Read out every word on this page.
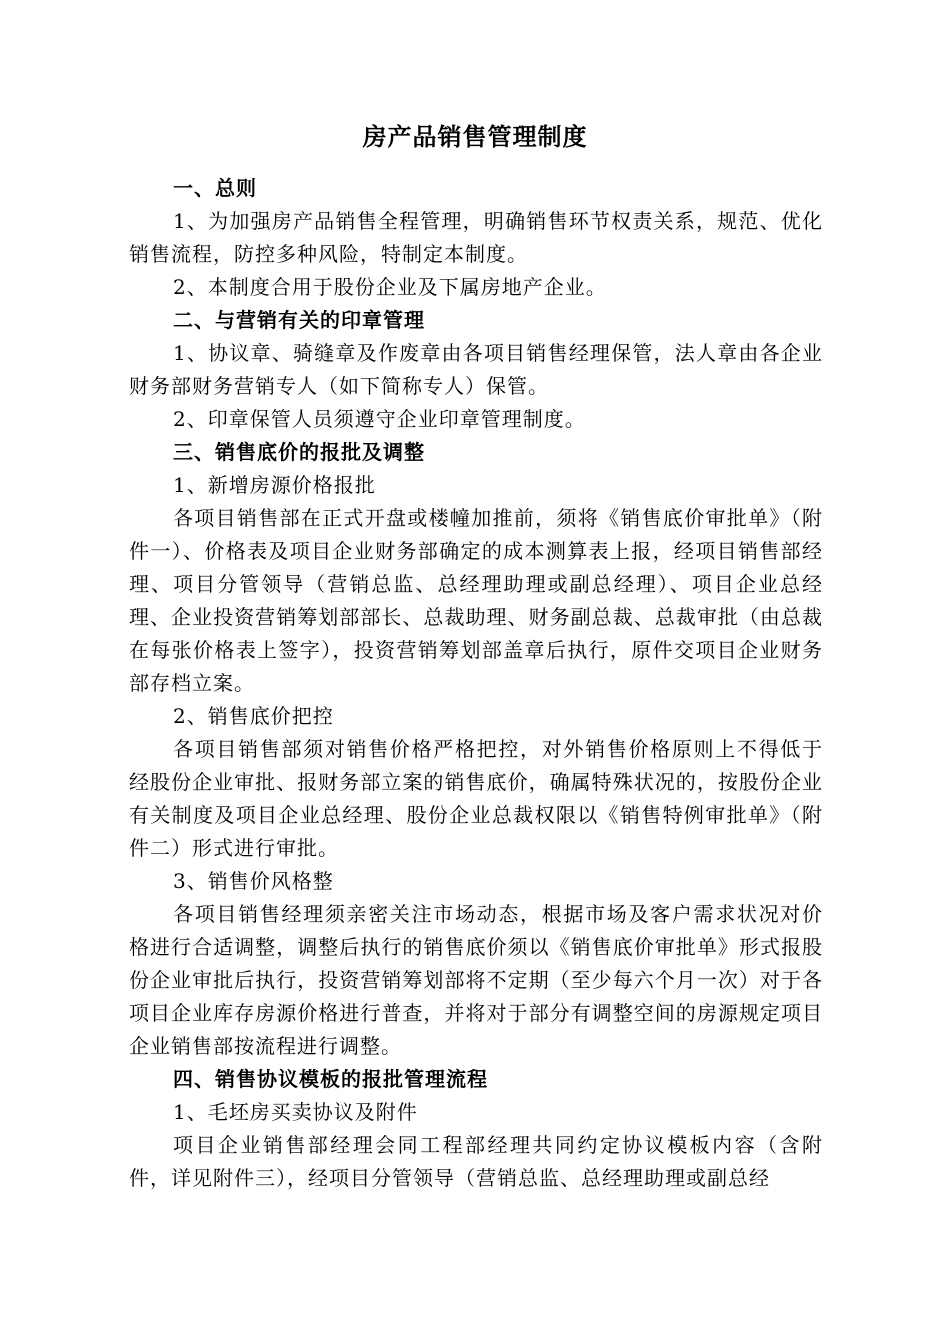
房产品销售管理制度

一、总则

1、为加强房产品销售全程管理，明确销售环节权责关系，规范、优化销售流程，防控多种风险，特制定本制度。

2、本制度合用于股份企业及下属房地产企业。

二、与营销有关的印章管理

1、协议章、骑缝章及作废章由各项目销售经理保管，法人章由各企业财务部财务营销专人（如下简称专人）保管。

2、印章保管人员须遵守企业印章管理制度。

三、销售底价的报批及调整

1、新增房源价格报批

各项目销售部在正式开盘或楼幢加推前，须将《销售底价审批单》（附件一）、价格表及项目企业财务部确定的成本测算表上报，经项目销售部经理、项目分管领导（营销总监、总经理助理或副总经理）、项目企业总经理、企业投资营销筹划部部长、总裁助理、财务副总裁、总裁审批（由总裁在每张价格表上签字），投资营销筹划部盖章后执行，原件交项目企业财务部存档立案。

2、销售底价把控

各项目销售部须对销售价格严格把控，对外销售价格原则上不得低于经股份企业审批、报财务部立案的销售底价，确属特殊状况的，按股份企业有关制度及项目企业总经理、股份企业总裁权限以《销售特例审批单》（附件二）形式进行审批。

3、销售价风格整

各项目销售经理须亲密关注市场动态，根据市场及客户需求状况对价格进行合适调整，调整后执行的销售底价须以《销售底价审批单》形式报股份企业审批后执行，投资营销筹划部将不定期（至少每六个月一次）对于各项目企业库存房源价格进行普查，并将对于部分有调整空间的房源规定项目企业销售部按流程进行调整。

四、销售协议模板的报批管理流程

1、毛坯房买卖协议及附件

项目企业销售部经理会同工程部经理共同约定协议模板内容（含附件，详见附件三），经项目分管领导（营销总监、总经理助理或副总经
